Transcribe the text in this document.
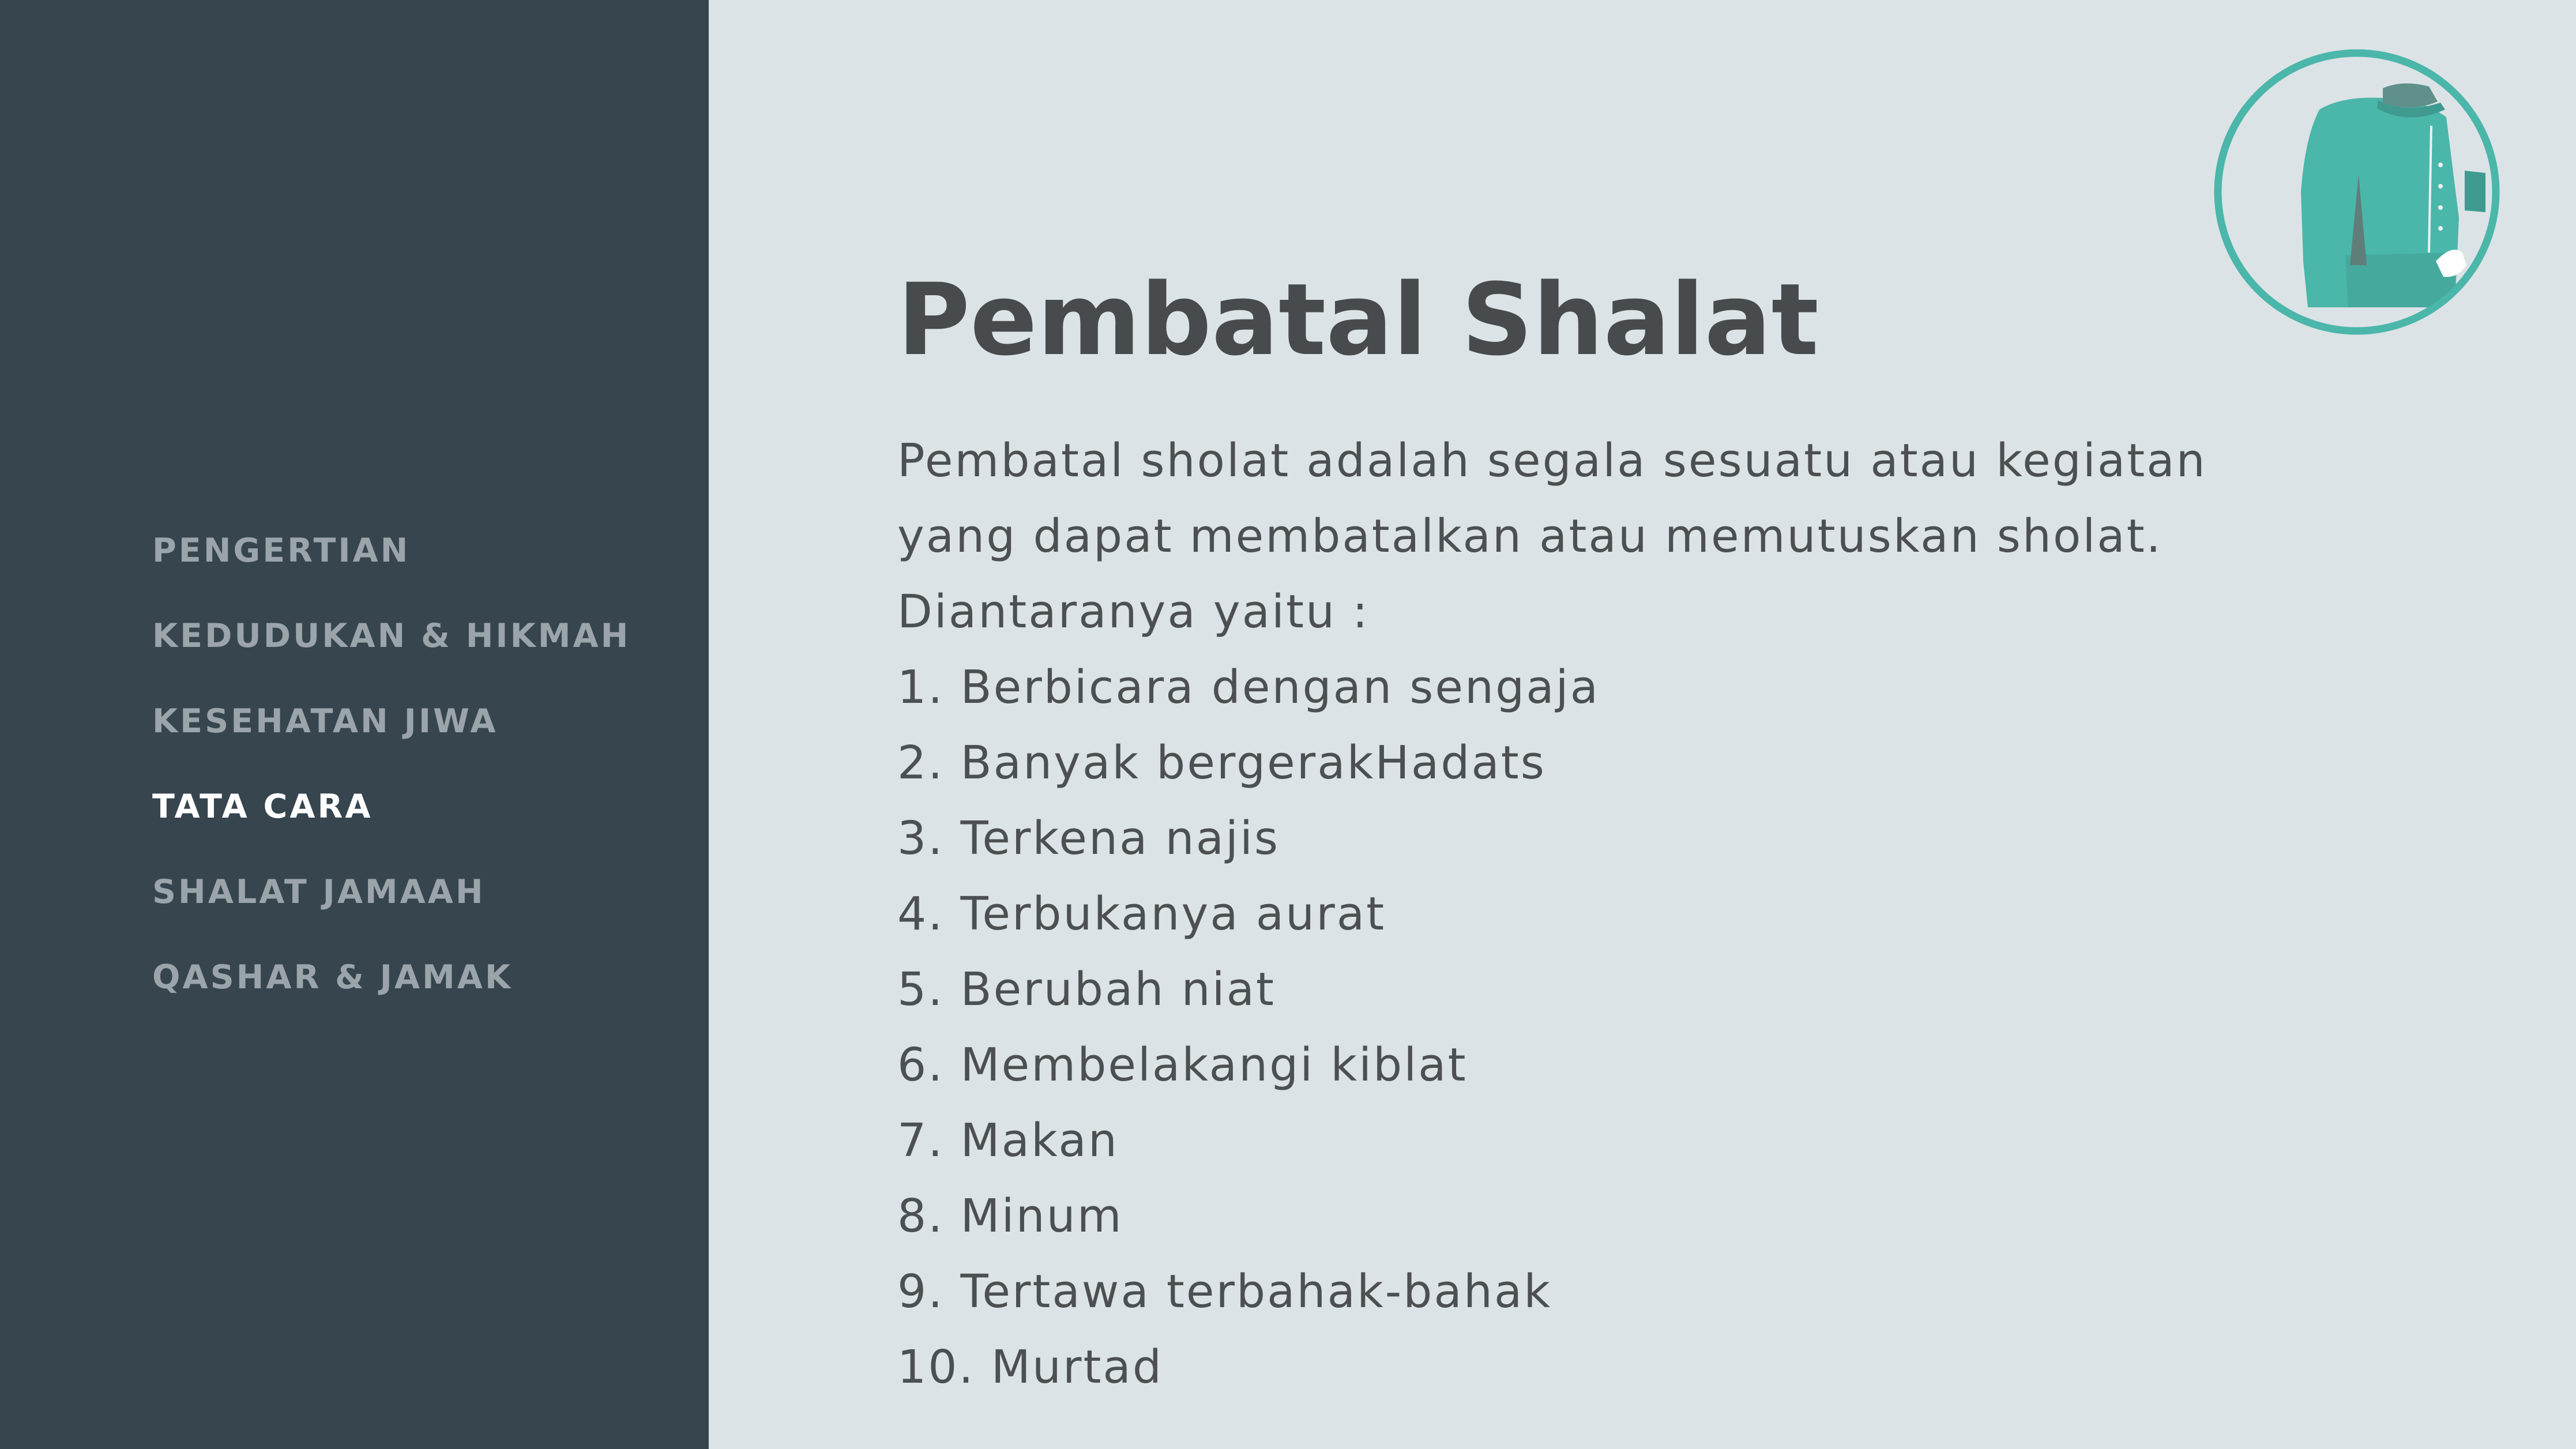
PENGERTIAN
KEDUDUKAN & HIKMAH
KESEHATAN JIWA
TATA CARA
SHALAT JAMAAH
QASHAR & JAMAK
Pembatal Shalat

Pembatal sholat adalah segala sesuatu atau kegiatan yang dapat membatalkan atau memutuskan sholat. Diantaranya yaitu :

1. Berbicara dengan sengaja
2. Banyak bergerakHadats
3. Terkena najis
4. Terbukanya aurat
5. Berubah niat
6. Membelakangi kiblat
7. Makan
8. Minum
9. Tertawa terbahak-bahak
10. Murtad
